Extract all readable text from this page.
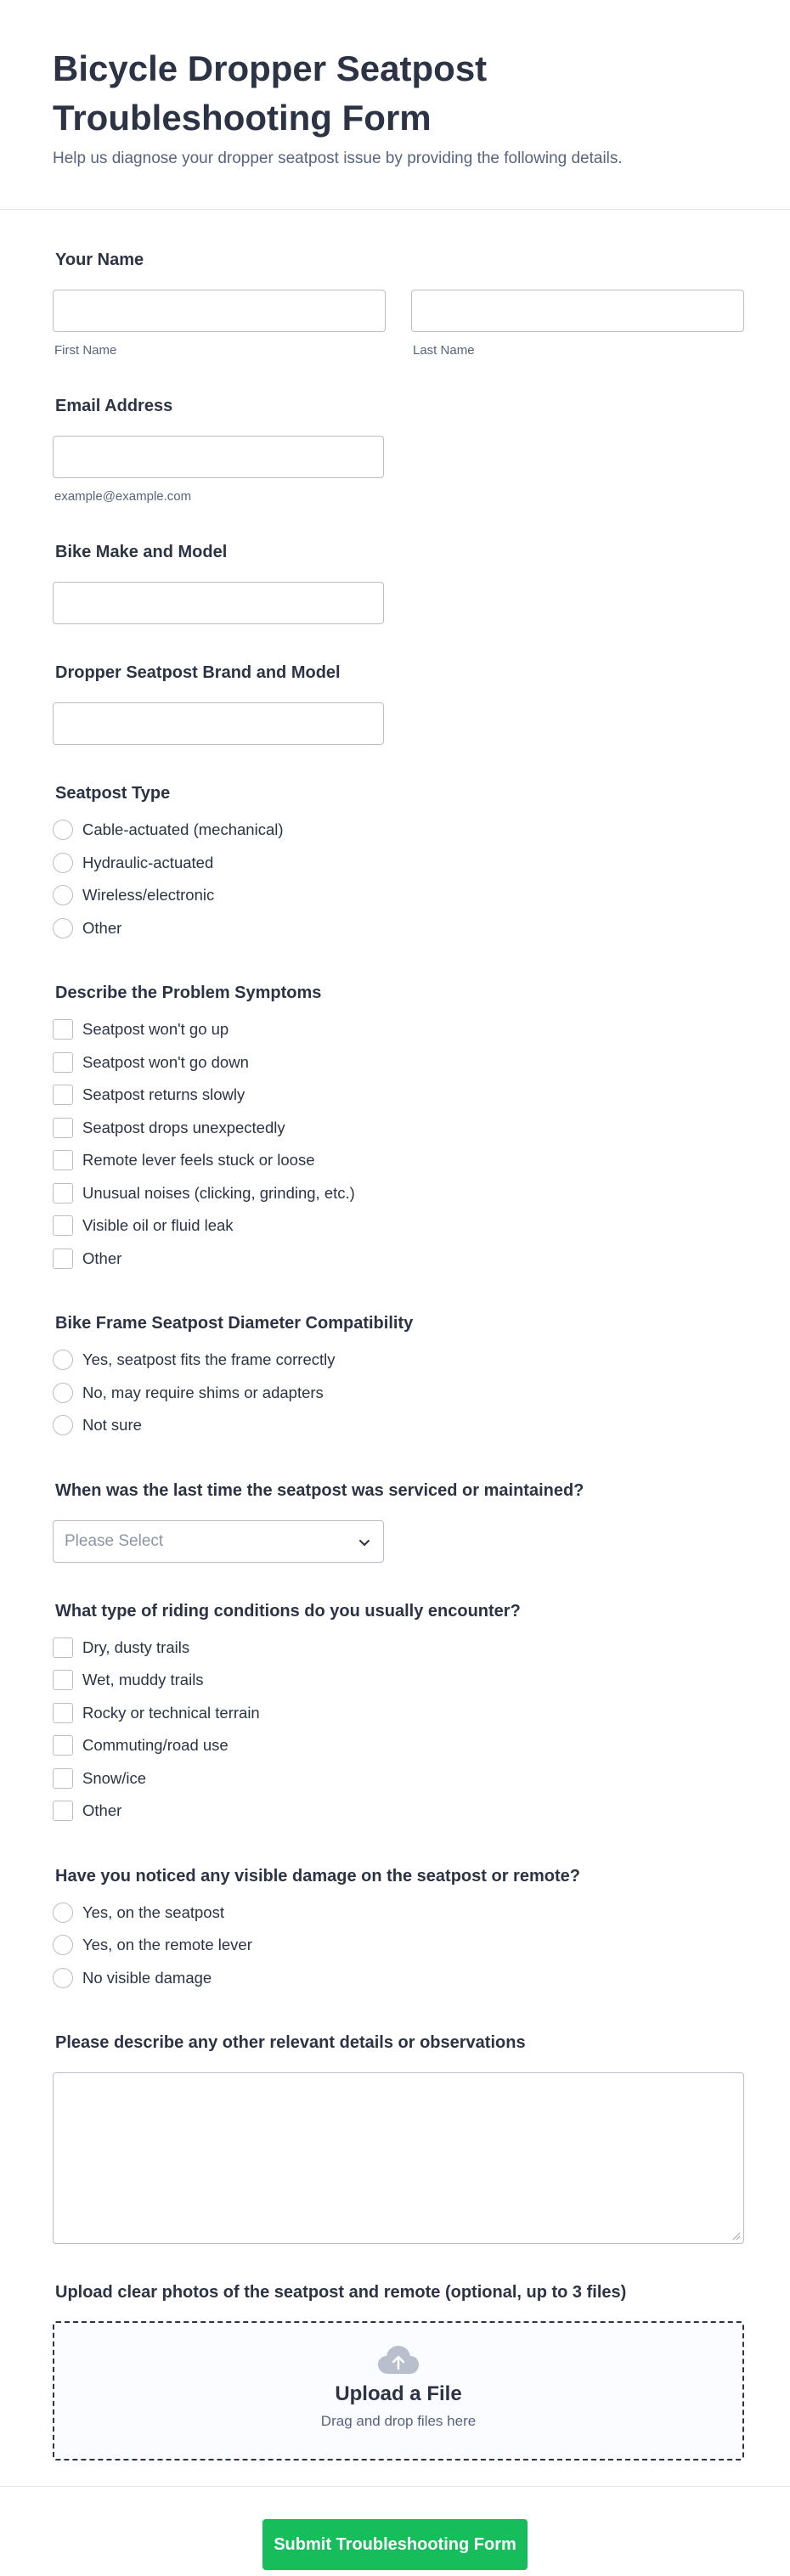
Bicycle Dropper Seatpost Troubleshooting Form

Help us diagnose your dropper seatpost issue by providing the following details.

Your Name
First Name	Last Name
Email Address
example@example.com
Bike Make and Model
Dropper Seatpost Brand and Model
Seatpost Type
Cable-actuated (mechanical)
Hydraulic-actuated
Wireless/electronic
Other
Describe the Problem Symptoms
Seatpost won't go up
Seatpost won't go down
Seatpost returns slowly
Seatpost drops unexpectedly
Remote lever feels stuck or loose
Unusual noises (clicking, grinding, etc.)
Visible oil or fluid leak
Other
Bike Frame Seatpost Diameter Compatibility
Yes, seatpost fits the frame correctly
No, may require shims or adapters
Not sure
When was the last time the seatpost was serviced or maintained?
Please Select
What type of riding conditions do you usually encounter?
Dry, dusty trails
Wet, muddy trails
Rocky or technical terrain
Commuting/road use
Snow/ice
Other
Have you noticed any visible damage on the seatpost or remote?
Yes, on the seatpost
Yes, on the remote lever
No visible damage
Please describe any other relevant details or observations
Upload clear photos of the seatpost and remote (optional, up to 3 files)
Upload a File
Drag and drop files here
Submit Troubleshooting Form
